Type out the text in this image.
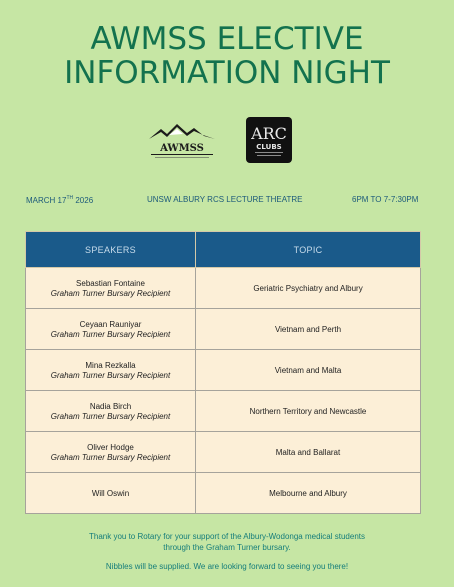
AWMSS ELECTIVE
INFORMATION NIGHT
AWMSS
ARC
CLUBS
MARCH 17TH 2026	UNSW ALBURY RCS LECTURE THEATRE	6PM TO 7-7:30PM
SPEAKERS	TOPIC
Sebastian Fontaine
Graham Turner Bursary Recipient	Geriatric Psychiatry and Albury
Ceyaan Rauniyar
Graham Turner Bursary Recipient	Vietnam and Perth
Mina Rezkalla
Graham Turner Bursary Recipient	Vietnam and Malta
Nadia Birch
Graham Turner Bursary Recipient	Northern Territory and Newcastle
Oliver Hodge
Graham Turner Bursary Recipient	Malta and Ballarat
Will Oswin	Melbourne and Albury
Thank you to Rotary for your support of the Albury-Wodonga medical students
through the Graham Turner bursary.
Nibbles will be supplied. We are looking forward to seeing you there!
